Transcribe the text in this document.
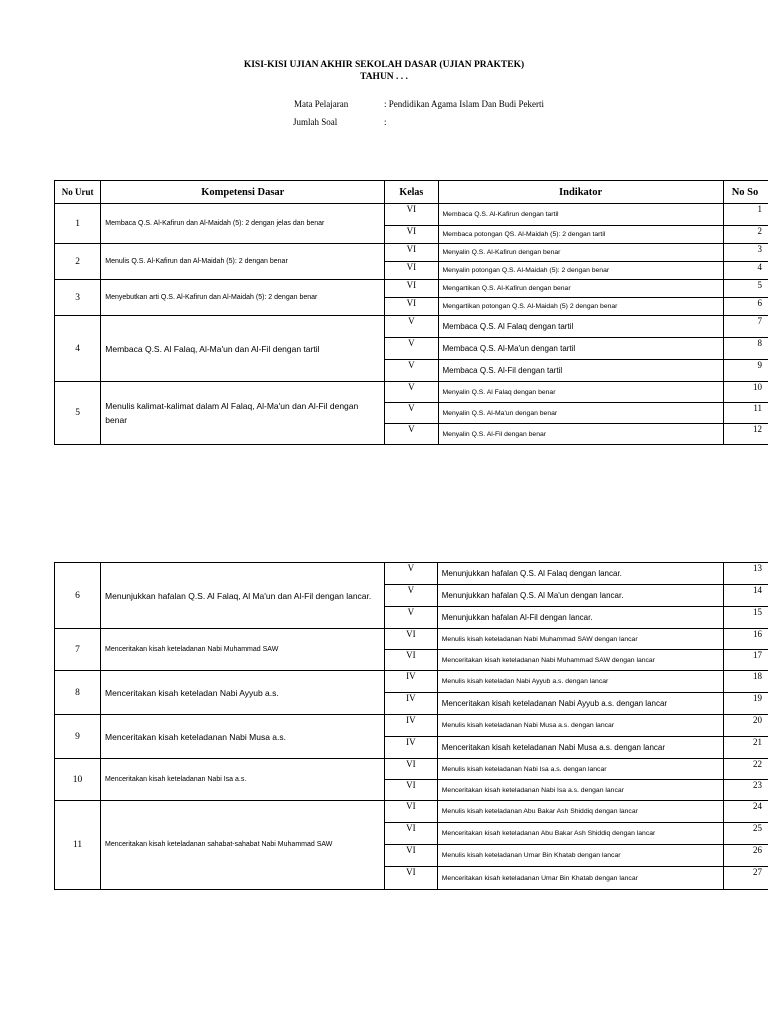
KISI-KISI UJIAN AKHIR SEKOLAH DASAR (UJIAN PRAKTEK)
TAHUN . . .
Mata Pelajaran	: Pendidikan Agama Islam Dan Budi Pekerti
Jumlah Soal	:
No Urut	Kompetensi Dasar	Kelas	Indikator	No So
1	Membaca Q.S. Al-Kafirun dan Al-Maidah (5): 2 dengan jelas dan benar	VI	Membaca Q.S. Al-Kafirun dengan tartil	1
		VI	Membaca potongan QS. Al-Maidah (5): 2 dengan tartil	2
2	Menulis Q.S. Al-Kafirun dan Al-Maidah (5): 2 dengan benar	VI	Menyalin Q.S. Al-Kafirun dengan benar	3
		VI	Menyalin potongan Q.S. Al-Maidah (5): 2 dengan benar	4
3	Menyebutkan arti Q.S. Al-Kafirun dan Al-Maidah (5): 2 dengan benar	VI	Mengartikan Q.S. Al-Kafirun dengan benar	5
		VI	Mengartikan potongan Q.S. Al-Maidah (5) 2 dengan benar	6
4	Membaca Q.S. Al Falaq, Al-Ma'un dan Al-Fil dengan tartil	V	Membaca Q.S. Al Falaq dengan tartil	7
		V	Membaca Q.S. Al-Ma'un dengan tartil	8
		V	Membaca Q.S. Al-Fil dengan tartil	9
5	Menulis kalimat-kalimat dalam Al Falaq, Al-Ma'un dan Al-Fil dengan benar	V	Menyalin Q.S. Al Falaq dengan benar	10
		V	Menyalin Q.S. Al-Ma'un dengan benar	11
		V	Menyalin Q.S. Al-Fil dengan benar	12
6	Menunjukkan hafalan Q.S. Al Falaq, Al Ma'un dan Al-Fil dengan lancar.	V	Menunjukkan hafalan Q.S. Al Falaq dengan lancar.	13
		V	Menunjukkan hafalan Q.S. Al Ma'un dengan lancar.	14
		V	Menunjukkan hafalan Al-Fil dengan lancar.	15
7	Menceritakan kisah keteladanan Nabi Muhammad SAW	VI	Menulis kisah keteladanan Nabi Muhammad SAW dengan lancar	16
		VI	Menceritakan kisah keteladanan Nabi Muhammad SAW dengan lancar	17
8	Menceritakan kisah keteladan Nabi Ayyub a.s.	IV	Menulis kisah keteladan Nabi Ayyub a.s. dengan lancar	18
		IV	Menceritakan kisah keteladanan Nabi Ayyub a.s. dengan lancar	19
9	Menceritakan kisah keteladanan Nabi Musa a.s.	IV	Menulis kisah keteladanan Nabi Musa a.s. dengan lancar	20
		IV	Menceritakan kisah keteladanan Nabi Musa a.s. dengan lancar	21
10	Menceritakan kisah keteladanan Nabi Isa a.s.	VI	Menulis kisah keteladanan Nabi Isa a.s. dengan lancar	22
		VI	Menceritakan kisah keteladanan Nabi Isa a.s. dengan lancar	23
11	Menceritakan kisah keteladanan sahabat-sahabat Nabi Muhammad SAW	VI	Menulis kisah keteladanan Abu Bakar Ash Shiddiq dengan lancar	24
		VI	Menceritakan kisah keteladanan Abu Bakar Ash Shiddiq dengan lancar	25
		VI	Menulis kisah keteladanan Umar Bin Khatab dengan lancar	26
		VI	Menceritakan kisah keteladanan Umar Bin Khatab dengan lancar	27
